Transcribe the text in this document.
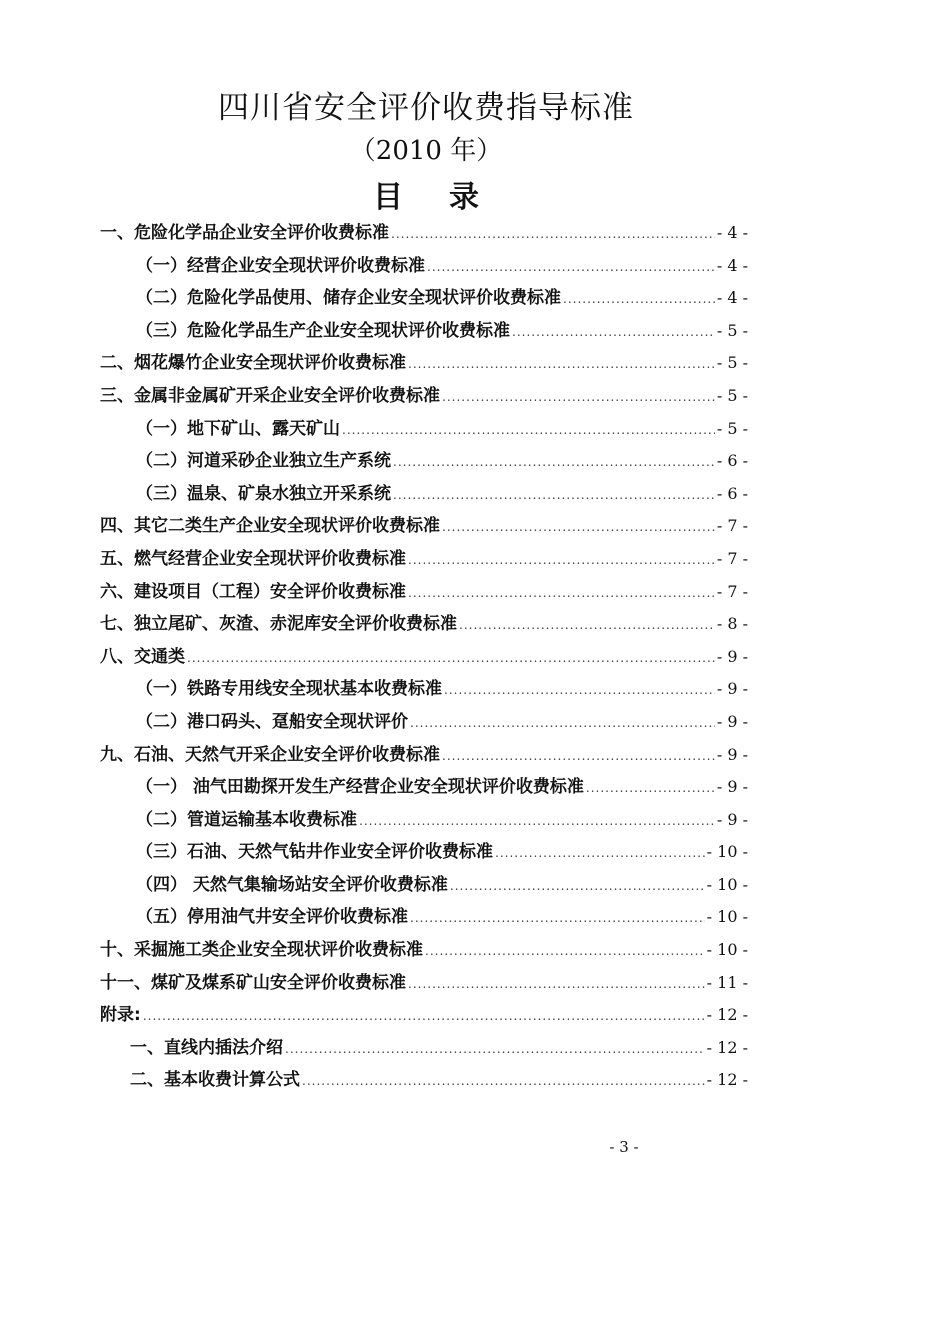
四川省安全评价收费指导标准
（2010 年）
目录
一、危险化学品企业安全评价收费标准 .....	- 4 -
（一）经营企业安全现状评价收费标准 .....	- 4 -
（二）危险化学品使用、储存企业安全现状评价收费标准 .....	- 4 -
（三）危险化学品生产企业安全现状评价收费标准 .....	- 5 -
二、烟花爆竹企业安全现状评价收费标准 .....	- 5 -
三、金属非金属矿开采企业安全评价收费标准 .....	- 5 -
（一）地下矿山、露天矿山 .....	- 5 -
（二）河道采砂企业独立生产系统 .....	- 6 -
（三）温泉、矿泉水独立开采系统 .....	- 6 -
四、其它二类生产企业安全现状评价收费标准 .....	- 7 -
五、燃气经营企业安全现状评价收费标准 .....	- 7 -
六、建设项目（工程）安全评价收费标准 .....	- 7 -
七、独立尾矿、灰渣、赤泥库安全评价收费标准 .....	- 8 -
八、交通类 .....	- 9 -
（一）铁路专用线安全现状基本收费标准 .....	- 9 -
（二）港口码头、趸船安全现状评价 .....	- 9 -
九、石油、天然气开采企业安全评价收费标准 .....	- 9 -
（一） 油气田勘探开发生产经营企业安全现状评价收费标准 .....	- 9 -
（二）管道运输基本收费标准 .....	- 9 -
（三）石油、天然气钻井作业安全评价收费标准 .....	- 10 -
（四） 天然气集输场站安全评价收费标准 .....	- 10 -
（五）停用油气井安全评价收费标准 .....	- 10 -
十、采掘施工类企业安全现状评价收费标准 .....	- 10 -
十一、煤矿及煤系矿山安全评价收费标准 .....	- 11 -
附录: .....	- 12 -
一、直线内插法介绍 .....	- 12 -
二、基本收费计算公式 .....	- 12 -
- 3 -
